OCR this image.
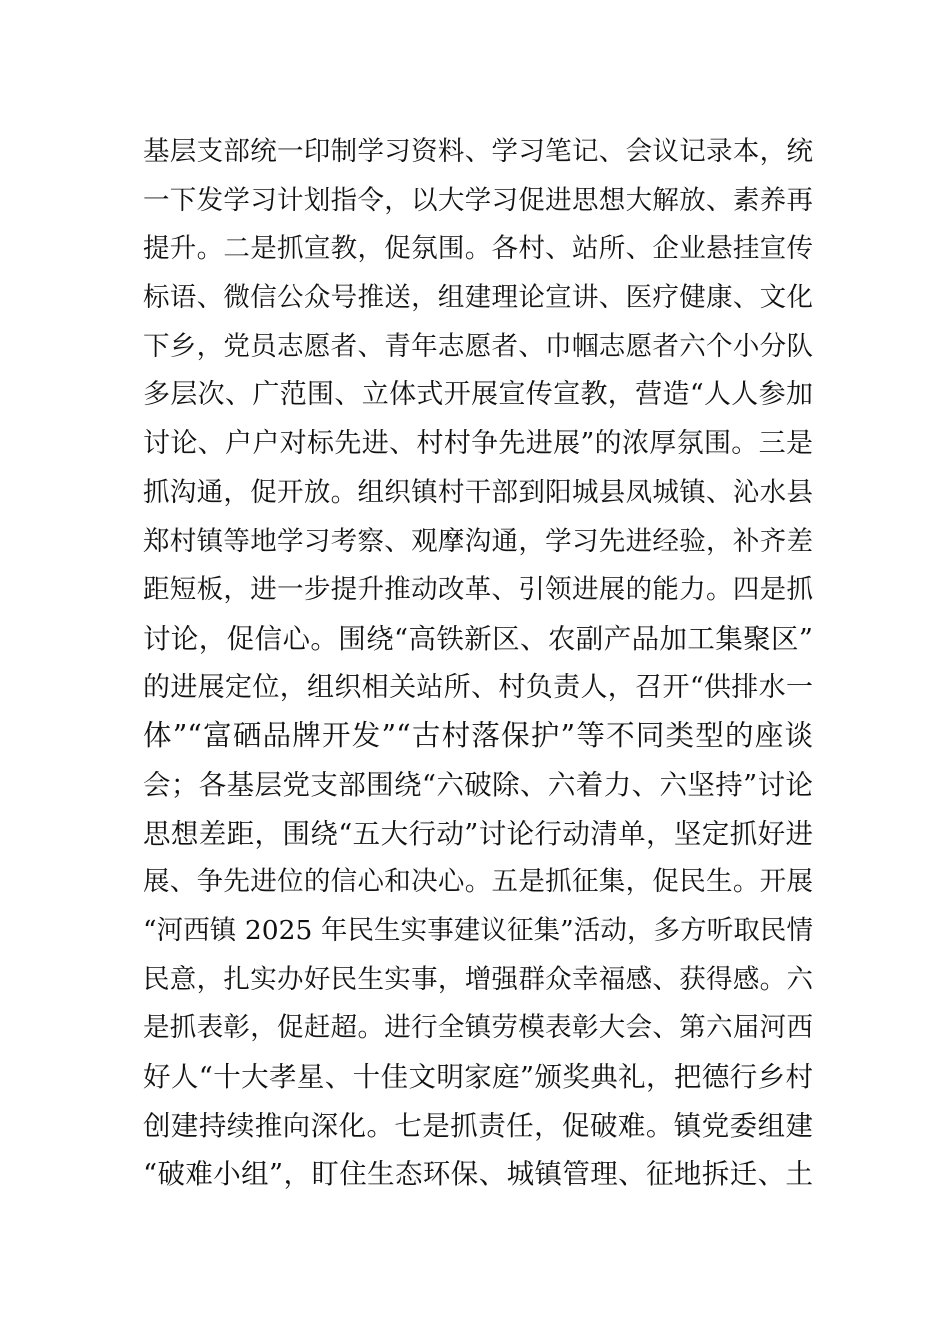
基层支部统一印制学习资料、学习笔记、会议记录本，统
一下发学习计划指令，以大学习促进思想大解放、素养再
提升。二是抓宣教，促氛围。各村、站所、企业悬挂宣传
标语、微信公众号推送，组建理论宣讲、医疗健康、文化
下乡，党员志愿者、青年志愿者、巾帼志愿者六个小分队
多层次、广范围、立体式开展宣传宣教，营造“人人参加
讨论、户户对标先进、村村争先进展”的浓厚氛围。三是
抓沟通，促开放。组织镇村干部到阳城县凤城镇、沁水县
郑村镇等地学习考察、观摩沟通，学习先进经验，补齐差
距短板，进一步提升推动改革、引领进展的能力。四是抓
讨论，促信心。围绕“高铁新区、农副产品加工集聚区”
的进展定位，组织相关站所、村负责人，召开“供排水一
体”“富硒品牌开发”“古村落保护”等不同类型的座谈
会；各基层党支部围绕“六破除、六着力、六坚持”讨论
思想差距，围绕“五大行动”讨论行动清单，坚定抓好进
展、争先进位的信心和决心。五是抓征集，促民生。开展
“河西镇 2025 年民生实事建议征集”活动，多方听取民情
民意，扎实办好民生实事，增强群众幸福感、获得感。六
是抓表彰，促赶超。进行全镇劳模表彰大会、第六届河西
好人“十大孝星、十佳文明家庭”颁奖典礼，把德行乡村
创建持续推向深化。七是抓责任，促破难。镇党委组建
“破难小组”，盯住生态环保、城镇管理、征地拆迁、土
